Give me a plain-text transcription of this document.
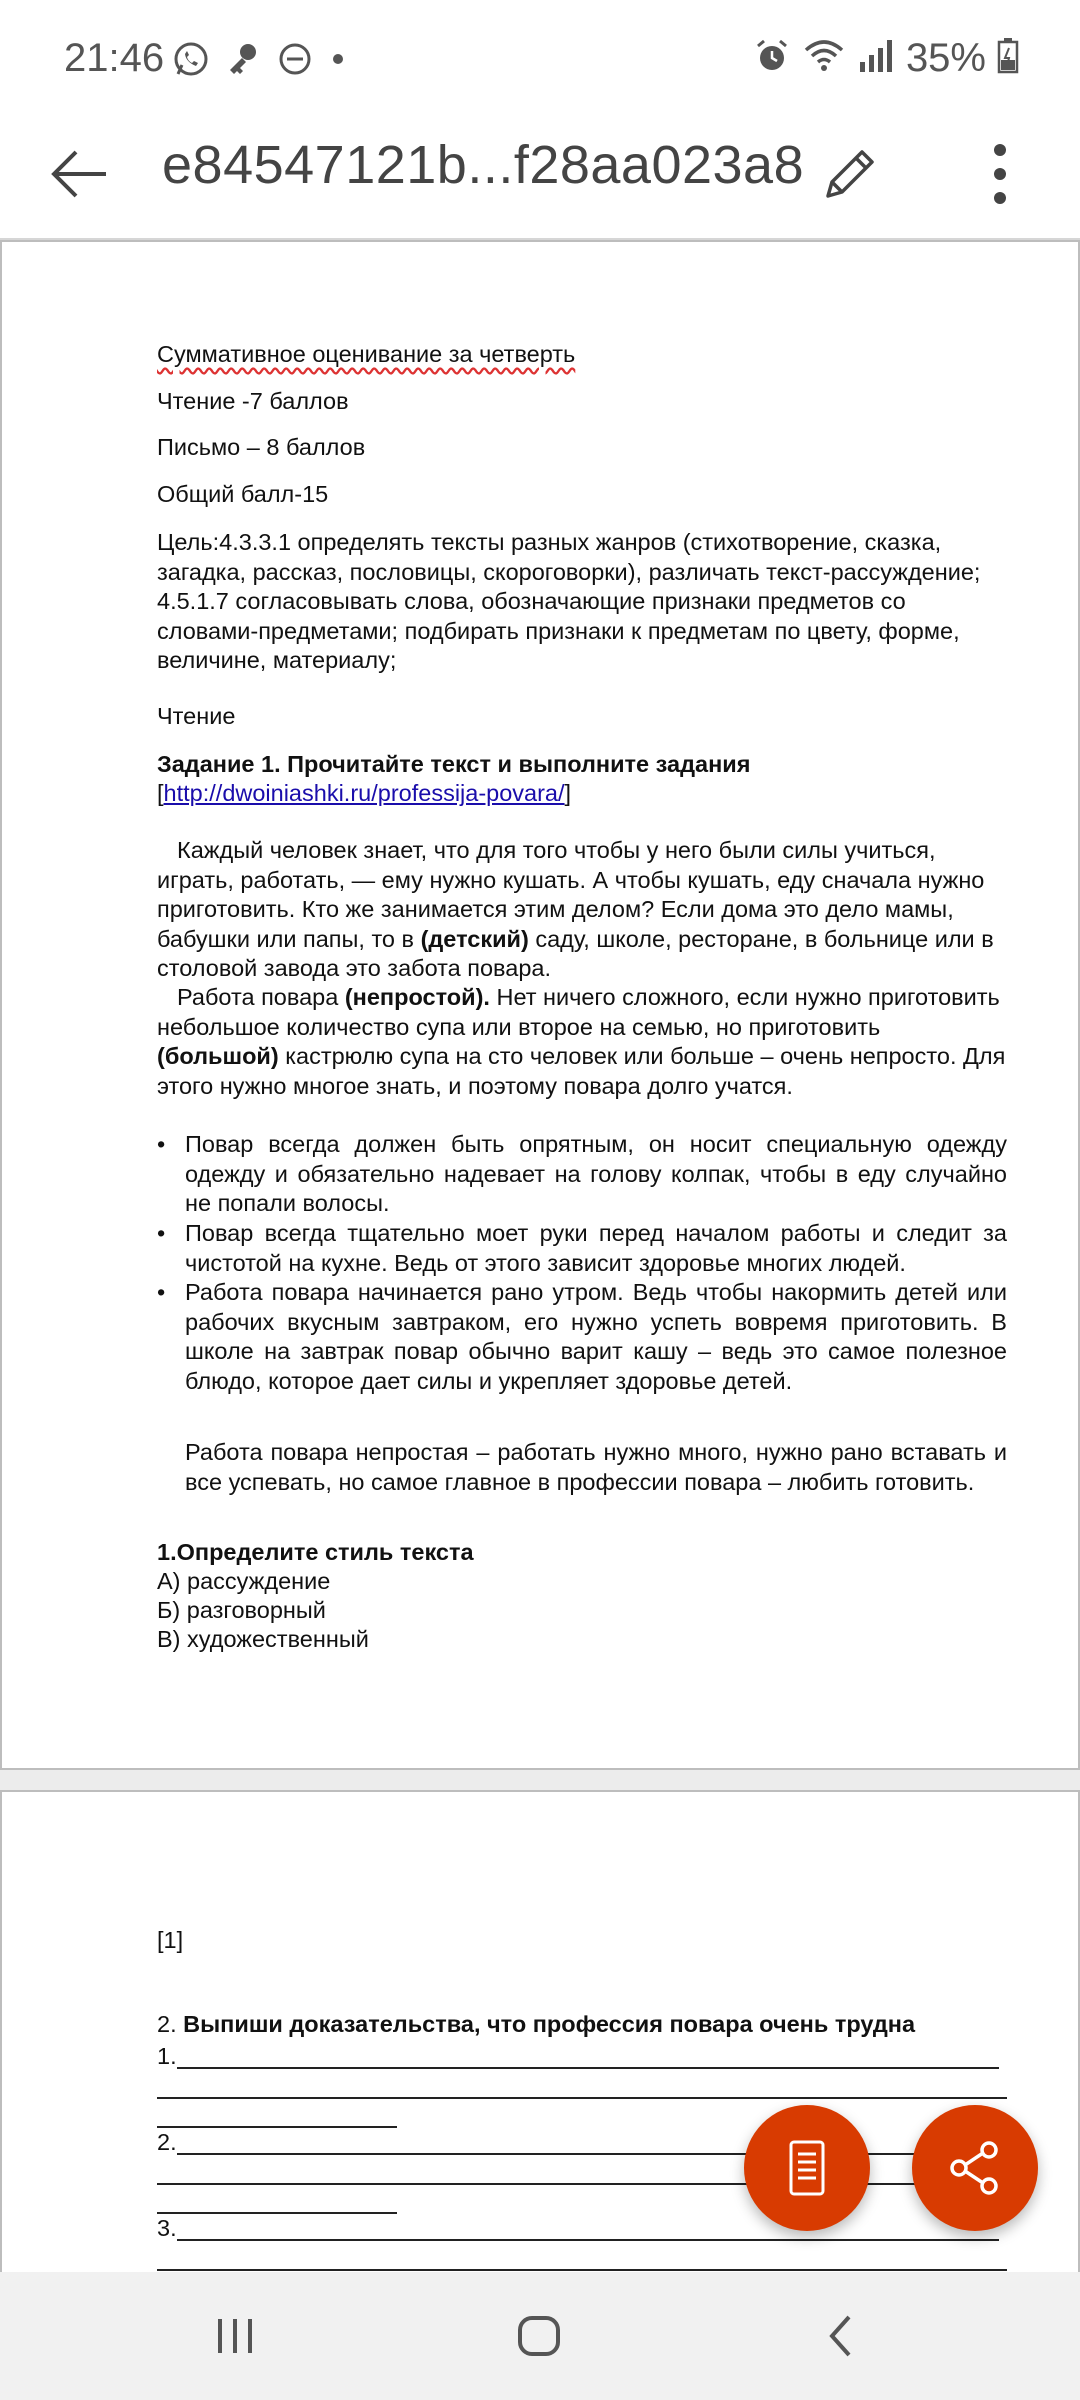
21:46	35%
e84547121b...f28aa023a8
Суммативное оценивание за четверть
Чтение -7 баллов
Письмо – 8 баллов
Общий балл-15
Цель:4.3.3.1 определять тексты разных жанров (стихотворение, сказка, загадка, рассказ, пословицы, скороговорки), различать текст-рассуждение; 4.5.1.7 согласовывать слова, обозначающие признаки предметов со словами-предметами; подбирать признаки к предметам по цвету, форме, величине, материалу;
Чтение
Задание 1. Прочитайте текст и выполните задания
[http://dwoiniashki.ru/professija-povara/]
Каждый человек знает, что для того чтобы у него были силы учиться, играть, работать, — ему нужно кушать. А чтобы кушать, еду сначала нужно приготовить. Кто же занимается этим делом? Если дома это дело мамы, бабушки или папы, то в (детский) саду, школе, ресторане, в больнице или в столовой завода это забота повара.
Работа повара (непростой). Нет ничего сложного, если нужно приготовить небольшое количество супа или второе на семью, но приготовить (большой) кастрюлю супа на сто человек или больше – очень непросто. Для этого нужно многое знать, и поэтому повара долго учатся.
• Повар всегда должен быть опрятным, он носит специальную одежду одежду и обязательно надевает на голову колпак, чтобы в еду случайно не попали волосы.
• Повар всегда тщательно моет руки перед началом работы и следит за чистотой на кухне. Ведь от этого зависит здоровье многих людей.
• Работа повара начинается рано утром. Ведь чтобы накормить детей или рабочих вкусным завтраком, его нужно успеть вовремя приготовить. В школе на завтрак повар обычно варит кашу – ведь это самое полезное блюдо, которое дает силы и укрепляет здоровье детей.
Работа повара непростая – работать нужно много, нужно рано вставать и все успевать, но самое главное в профессии повара – любить готовить.
1.Определите стиль текста
А) рассуждение
Б) разговорный
В) художественный
[1]
2. Выпиши доказательства, что профессия повара очень трудна
1.
2.
3.
